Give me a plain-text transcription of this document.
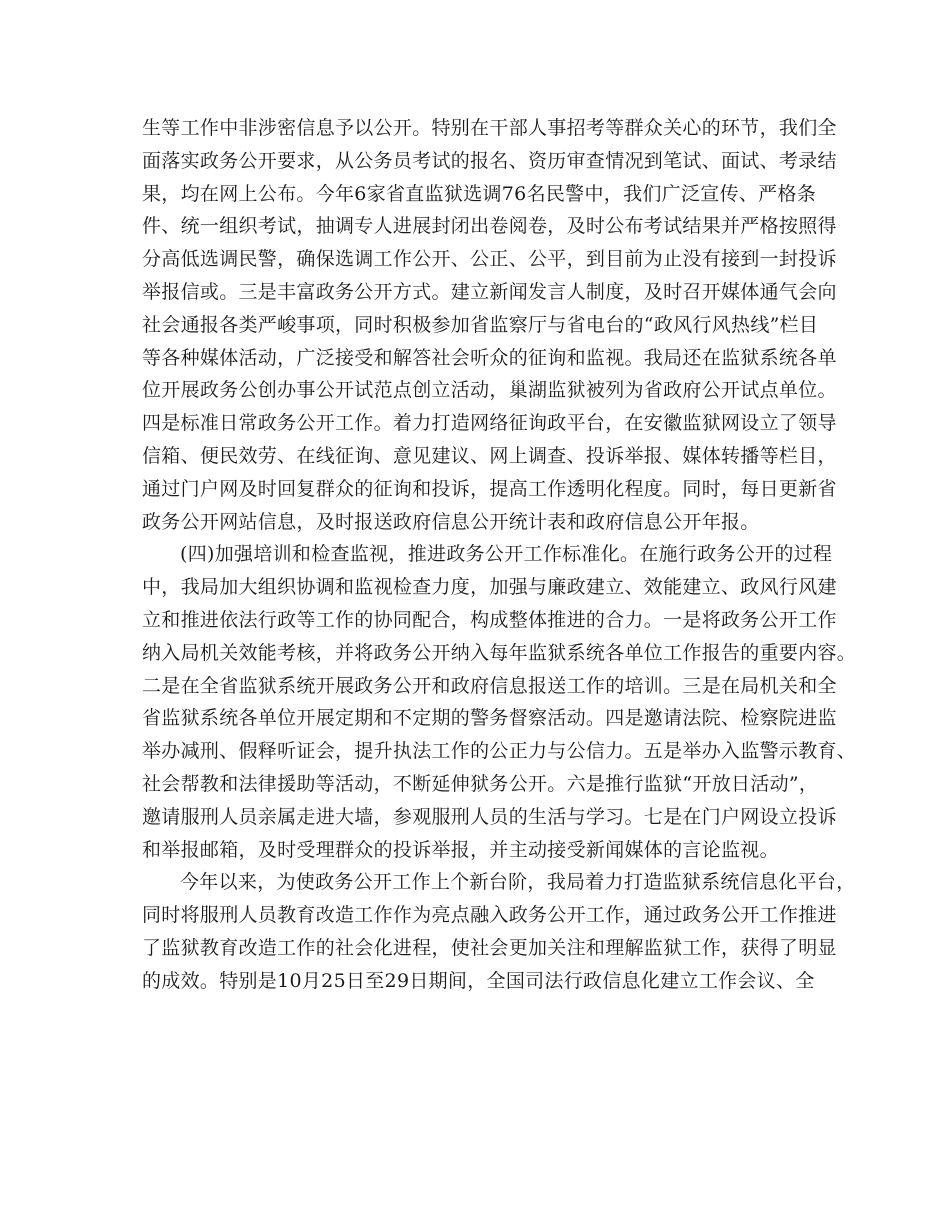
生等工作中非涉密信息予以公开。特别在干部人事招考等群众关心的环节，我们全
面落实政务公开要求，从公务员考试的报名、资历审查情况到笔试、面试、考录结
果，均在网上公布。今年6家省直监狱选调76名民警中，我们广泛宣传、严格条
件、统一组织考试，抽调专人进展封闭出卷阅卷，及时公布考试结果并严格按照得
分高低选调民警，确保选调工作公开、公正、公平，到目前为止没有接到一封投诉
举报信或。三是丰富政务公开方式。建立新闻发言人制度，及时召开媒体通气会向
社会通报各类严峻事项，同时积极参加省监察厅与省电台的“政风行风热线”栏目
等各种媒体活动，广泛接受和解答社会听众的征询和监视。我局还在监狱系统各单
位开展政务公创办事公开试范点创立活动，巢湖监狱被列为省政府公开试点单位。
四是标准日常政务公开工作。着力打造网络征询政平台，在安徽监狱网设立了领导
信箱、便民效劳、在线征询、意见建议、网上调查、投诉举报、媒体转播等栏目，
通过门户网及时回复群众的征询和投诉，提高工作透明化程度。同时，每日更新省
政务公开网站信息，及时报送政府信息公开统计表和政府信息公开年报。
(四)加强培训和检查监视，推进政务公开工作标准化。在施行政务公开的过程
中，我局加大组织协调和监视检查力度，加强与廉政建立、效能建立、政风行风建
立和推进依法行政等工作的协同配合，构成整体推进的合力。一是将政务公开工作
纳入局机关效能考核，并将政务公开纳入每年监狱系统各单位工作报告的重要内容。
二是在全省监狱系统开展政务公开和政府信息报送工作的培训。三是在局机关和全
省监狱系统各单位开展定期和不定期的警务督察活动。四是邀请法院、检察院进监
举办减刑、假释听证会，提升执法工作的公正力与公信力。五是举办入监警示教育、
社会帮教和法律援助等活动，不断延伸狱务公开。六是推行监狱“开放日活动”，
邀请服刑人员亲属走进大墙，参观服刑人员的生活与学习。七是在门户网设立投诉
和举报邮箱，及时受理群众的投诉举报，并主动接受新闻媒体的言论监视。
今年以来，为使政务公开工作上个新台阶，我局着力打造监狱系统信息化平台，
同时将服刑人员教育改造工作作为亮点融入政务公开工作，通过政务公开工作推进
了监狱教育改造工作的社会化进程，使社会更加关注和理解监狱工作，获得了明显
的成效。特别是10月25日至29日期间，全国司法行政信息化建立工作会议、全
